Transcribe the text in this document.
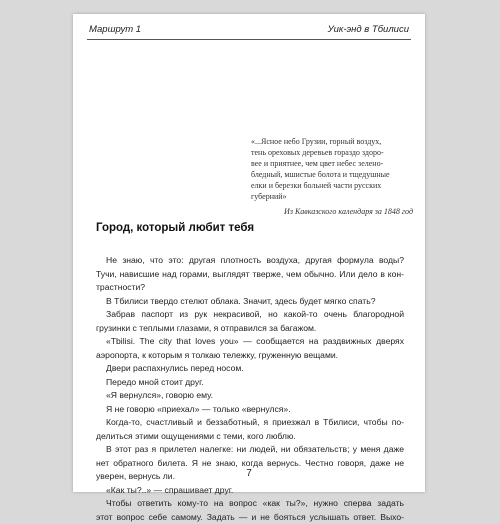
Маршрут 1	Уик-энд в Тбилиси
«...Ясное небо Грузии, горный воздух,
тень ореховых деревьев гораздо здоро-
вее и приятнее, чем цвет небес зелено-
бледный, мшистые болота и тщедушные
елки и березки больней части русских
губерний»
Из Кавказского календаря за 1848 год
Город, который любит тебя
Не знаю, что это: другая плотность воздуха, другая формула воды?
Тучи, нависшие над горами, выглядят тверже, чем обычно. Или дело в кон-
трастности?
В Тбилиси твердо стелют облака. Значит, здесь будет мягко спать?
Забрав паспорт из рук некрасивой, но какой-то очень благородной
грузинки с теплыми глазами, я отправился за багажом.
«Tbilisi. The city that loves you» — сообщается на раздвижных дверях
аэропорта, к которым я толкаю тележку, груженную вещами.
Двери распахнулись перед носом.
Передо мной стоит друг.
«Я вернулся», говорю ему.
Я не говорю «приехал» — только «вернулся».
Когда-то, счастливый и беззаботный, я приезжал в Тбилиси, чтобы по-
делиться этими ощущениями с теми, кого люблю.
В этот раз я прилетел налегке: ни людей, ни обязательств; у меня даже
нет обратного билета. Я не знаю, когда вернусь. Честно говоря, даже не
уверен, вернусь ли.
«Как ты?..» — спрашивает друг.
Чтобы ответить кому-то на вопрос «как ты?», нужно сперва задать
этот вопрос себе самому. Задать — и не бояться услышать ответ. Выхо-
7
